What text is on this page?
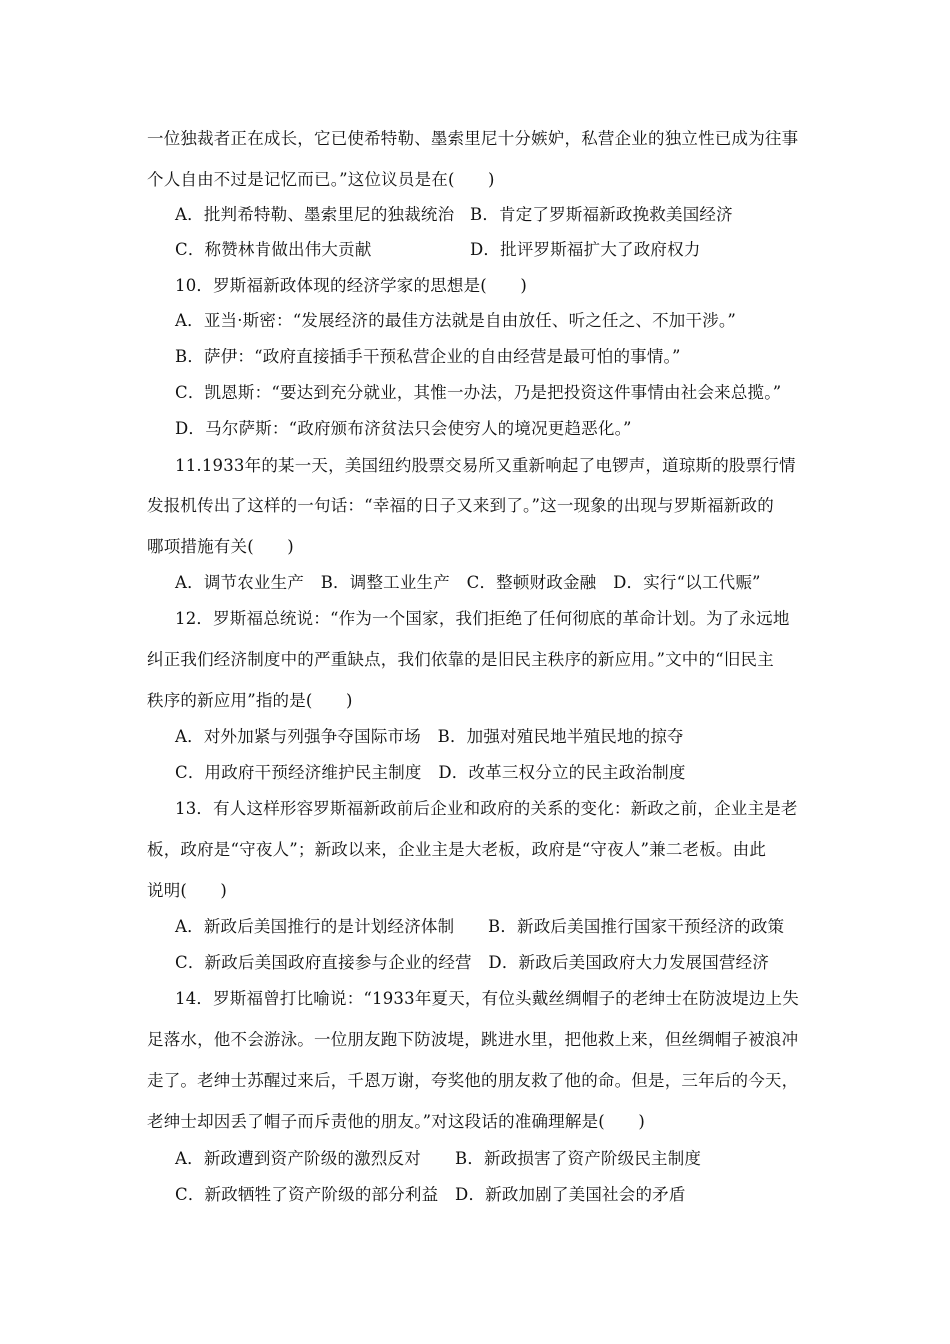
一位独裁者正在成长，它已使希特勒、墨索里尼十分嫉妒，私营企业的独立性已成为往事
个人自由不过是记忆而已。”这位议员是在(　　)
A．批判希特勒、墨索里尼的独裁统治 B．肯定了罗斯福新政挽救美国经济
C．称赞林肯做出伟大贡献	D．批评罗斯福扩大了政府权力
10．罗斯福新政体现的经济学家的思想是(　　)
A．亚当·斯密：“发展经济的最佳方法就是自由放任、听之任之、不加干涉。”
B．萨伊：“政府直接插手干预私营企业的自由经营是最可怕的事情。”
C．凯恩斯：“要达到充分就业，其惟一办法，乃是把投资这件事情由社会来总揽。”
D．马尔萨斯：“政府颁布济贫法只会使穷人的境况更趋恶化。”
11.1933年的某一天，美国纽约股票交易所又重新响起了电锣声，道琼斯的股票行情
发报机传出了这样的一句话：“幸福的日子又来到了。”这一现象的出现与罗斯福新政的
哪项措施有关(　　)
A．调节农业生产　B．调整工业生产　C．整顿财政金融　D．实行“以工代赈”
12．罗斯福总统说：“作为一个国家，我们拒绝了任何彻底的革命计划。为了永远地
纠正我们经济制度中的严重缺点，我们依靠的是旧民主秩序的新应用。”文中的“旧民主
秩序的新应用”指的是(　　)
A．对外加紧与列强争夺国际市场　B．加强对殖民地半殖民地的掠夺
C．用政府干预经济维护民主制度　D．改革三权分立的民主政治制度
13．有人这样形容罗斯福新政前后企业和政府的关系的变化：新政之前，企业主是老
板，政府是“守夜人”；新政以来，企业主是大老板，政府是“守夜人”兼二老板。由此
说明(　　)
A．新政后美国推行的是计划经济体制 B．新政后美国推行国家干预经济的政策
C．新政后美国政府直接参与企业的经营　D．新政后美国政府大力发展国营经济
14．罗斯福曾打比喻说：“1933年夏天，有位头戴丝绸帽子的老绅士在防波堤边上失
足落水，他不会游泳。一位朋友跑下防波堤，跳进水里，把他救上来，但丝绸帽子被浪冲
走了。老绅士苏醒过来后，千恩万谢，夸奖他的朋友救了他的命。但是，三年后的今天，
老绅士却因丢了帽子而斥责他的朋友。”对这段话的准确理解是(　　)
A．新政遭到资产阶级的激烈反对 B．新政损害了资产阶级民主制度
C．新政牺牲了资产阶级的部分利益　D．新政加剧了美国社会的矛盾
